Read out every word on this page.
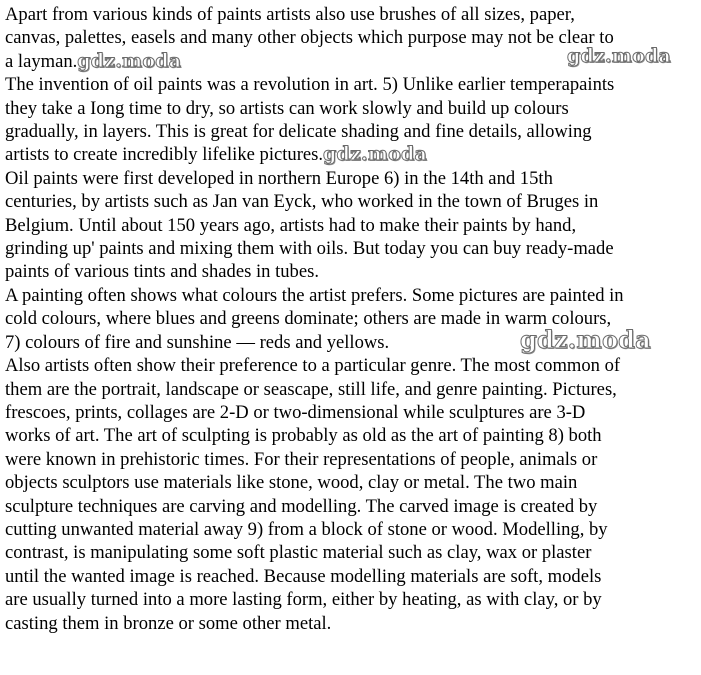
Apart from various kinds of paints artists also use brushes of all sizes, paper,
canvas, palettes, easels and many other objects which purpose may not be clear to
gdz.moda
a layman.gdz.moda

The invention of oil paints was a revolution in art. 5) Unlike earlier temperapaints
they take a Iong time to dry, so artists can work slowly and build up colours
gradually, in layers. This is great for delicate shading and fine details, allowing
artists to create incredibly lifelike pictures.gdz.moda

Oil paints were first developed in northern Europe 6) in the 14th and 15th
centuries, by artists such as Jan van Eyck, who worked in the town of Bruges in
Belgium. Until about 150 years ago, artists had to make their paints by hand,
grinding up' paints and mixing them with oils. But today you can buy ready-made
paints of various tints and shades in tubes.

A painting often shows what colours the artist prefers. Some pictures are painted in
cold colours, where blues and greens dominate; others are made in warm colours,
7) colours of fire and sunshine — reds and yellows.	gdz.moda

Also artists often show their preference to a particular genre. The most common of
them are the portrait, landscape or seascape, still life, and genre painting. Pictures,
frescoes, prints, collages are 2-D or two-dimensional while sculptures are 3-D
works of art. The art of sculpting is probably as old as the art of painting 8) both
were known in prehistoric times. For their representations of people, animals or
objects sculptors use materials like stone, wood, clay or metal. The two main
sculpture techniques are carving and modelling. The carved image is created by
cutting unwanted material away 9) from a block of stone or wood. Modelling, by
contrast, is manipulating some soft plastic material such as clay, wax or plaster
until the wanted image is reached. Because modelling materials are soft, models
are usually turned into a more lasting form, either by heating, as with clay, or by
casting them in bronze or some other metal.
